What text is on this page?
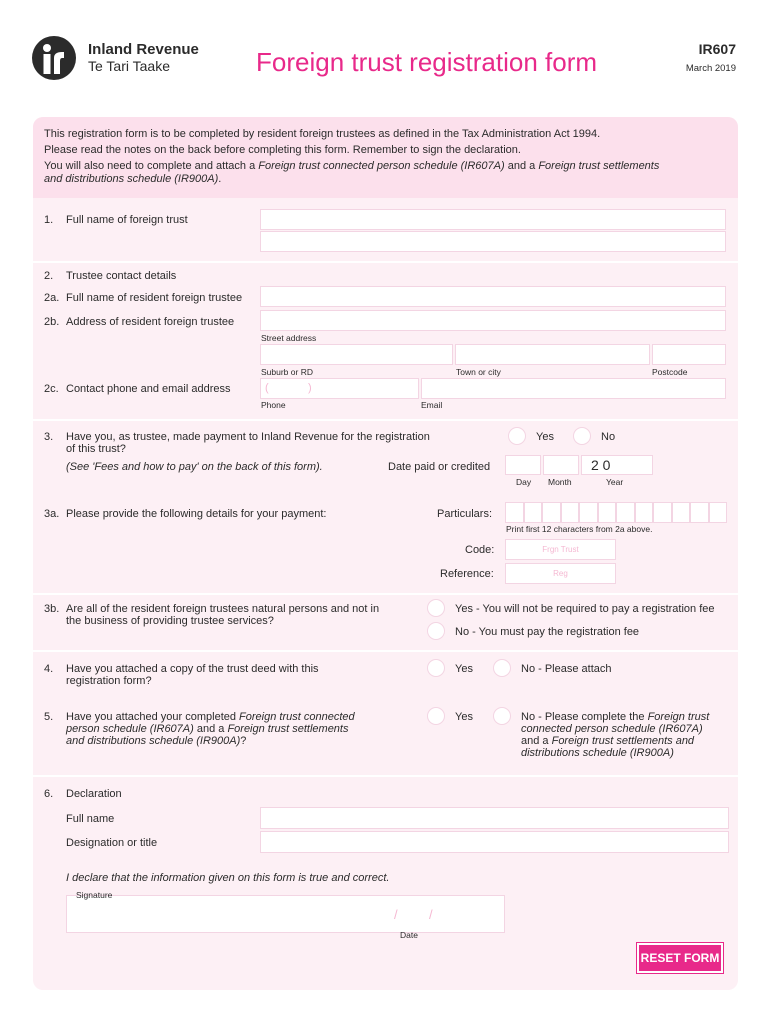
Inland Revenue
Te Tari Taake	Foreign trust registration form	IR607
March 2019
This registration form is to be completed by resident foreign trustees as defined in the Tax Administration Act 1994.
Please read the notes on the back before completing this form. Remember to sign the declaration.
You will also need to complete and attach a Foreign trust connected person schedule (IR607A) and a Foreign trust settlements
and distributions schedule (IR900A).
1. Full name of foreign trust
2. Trustee contact details
2a. Full name of resident foreign trustee
2b. Address of resident foreign trustee
Street address
Suburb or RD	Town or city	Postcode
2c. Contact phone and email address	(	)
Phone	Email
3. Have you, as trustee, made payment to Inland Revenue for the registration
of this trust?
(See 'Fees and how to pay' on the back of this form).
Yes	No
Date paid or credited	2 0
Day Month	Year
3a. Please provide the following details for your payment:	Particulars:
Print first 12 characters from 2a above.
Code:	Frgn Trust
Reference:	Reg
3b. Are all of the resident foreign trustees natural persons and not in
the business of providing trustee services?
Yes - You will not be required to pay a registration fee
No - You must pay the registration fee
4. Have you attached a copy of the trust deed with this
registration form?
Yes	No - Please attach
5. Have you attached your completed Foreign trust connected
person schedule (IR607A) and a Foreign trust settlements
and distributions schedule (IR900A)?
Yes	No - Please complete the Foreign trust
connected person schedule (IR607A)
and a Foreign trust settlements and
distributions schedule (IR900A)
6. Declaration
Full name
Designation or title
I declare that the information given on this form is true and correct.
Signature
/ /
Date
RESET FORM
